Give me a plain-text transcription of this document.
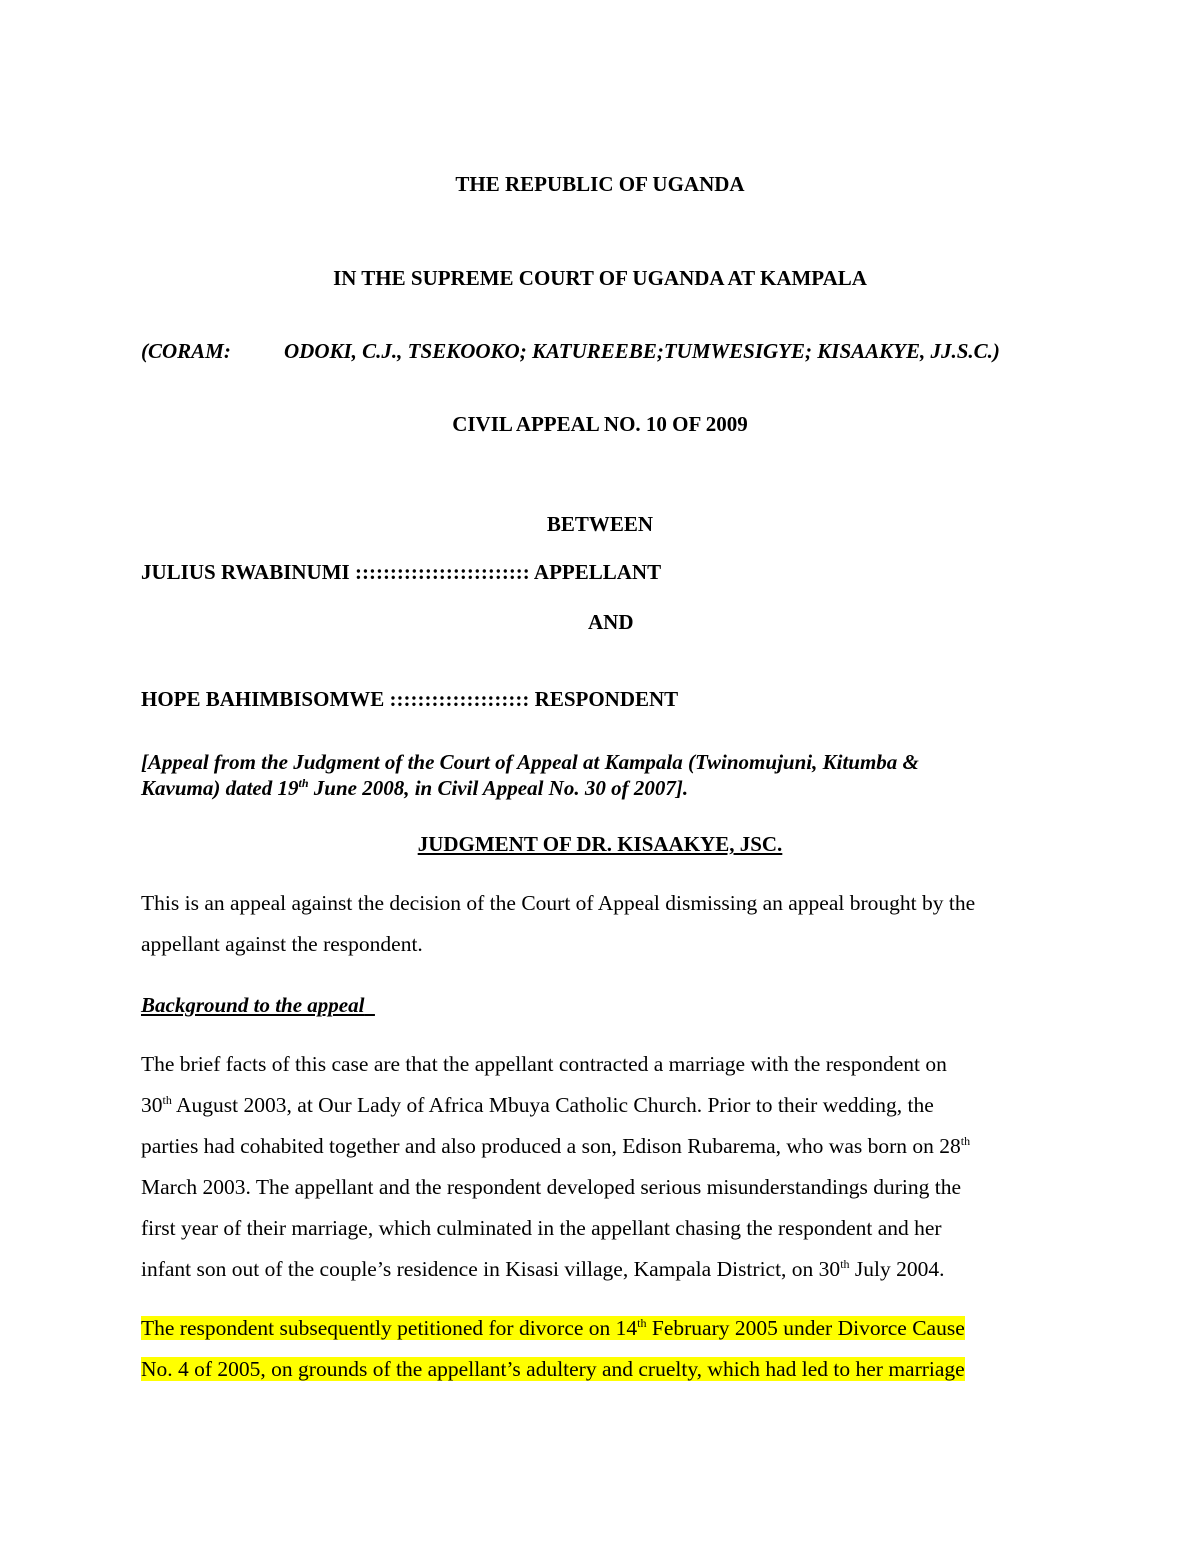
THE REPUBLIC OF UGANDA
IN THE SUPREME COURT OF UGANDA AT KAMPALA
(CORAM:	ODOKI, C.J., TSEKOOKO; KATUREEBE;TUMWESIGYE; KISAAKYE, JJ.S.C.)
CIVIL APPEAL NO. 10 OF 2009
BETWEEN
JULIUS RWABINUMI ::::::::::::::::::::::::: APPELLANT
AND
HOPE BAHIMBISOMWE :::::::::::::::::::: RESPONDENT
[Appeal from the Judgment of the Court of Appeal at Kampala (Twinomujuni, Kitumba &
Kavuma) dated 19th June 2008, in Civil Appeal No. 30 of 2007].
JUDGMENT OF DR. KISAAKYE, JSC.
This is an appeal against the decision of the Court of Appeal dismissing an appeal brought by the
appellant against the respondent.
Background to the appeal
The brief facts of this case are that the appellant contracted a marriage with the respondent on
30th August 2003, at Our Lady of Africa Mbuya Catholic Church. Prior to their wedding, the
parties had cohabited together and also produced a son, Edison Rubarema, who was born on 28th
March 2003. The appellant and the respondent developed serious misunderstandings during the
first year of their marriage, which culminated in the appellant chasing the respondent and her
infant son out of the couple’s residence in Kisasi village, Kampala District, on 30th July 2004.
The respondent subsequently petitioned for divorce on 14th February 2005 under Divorce Cause
No. 4 of 2005, on grounds of the appellant’s adultery and cruelty, which had led to her marriage
